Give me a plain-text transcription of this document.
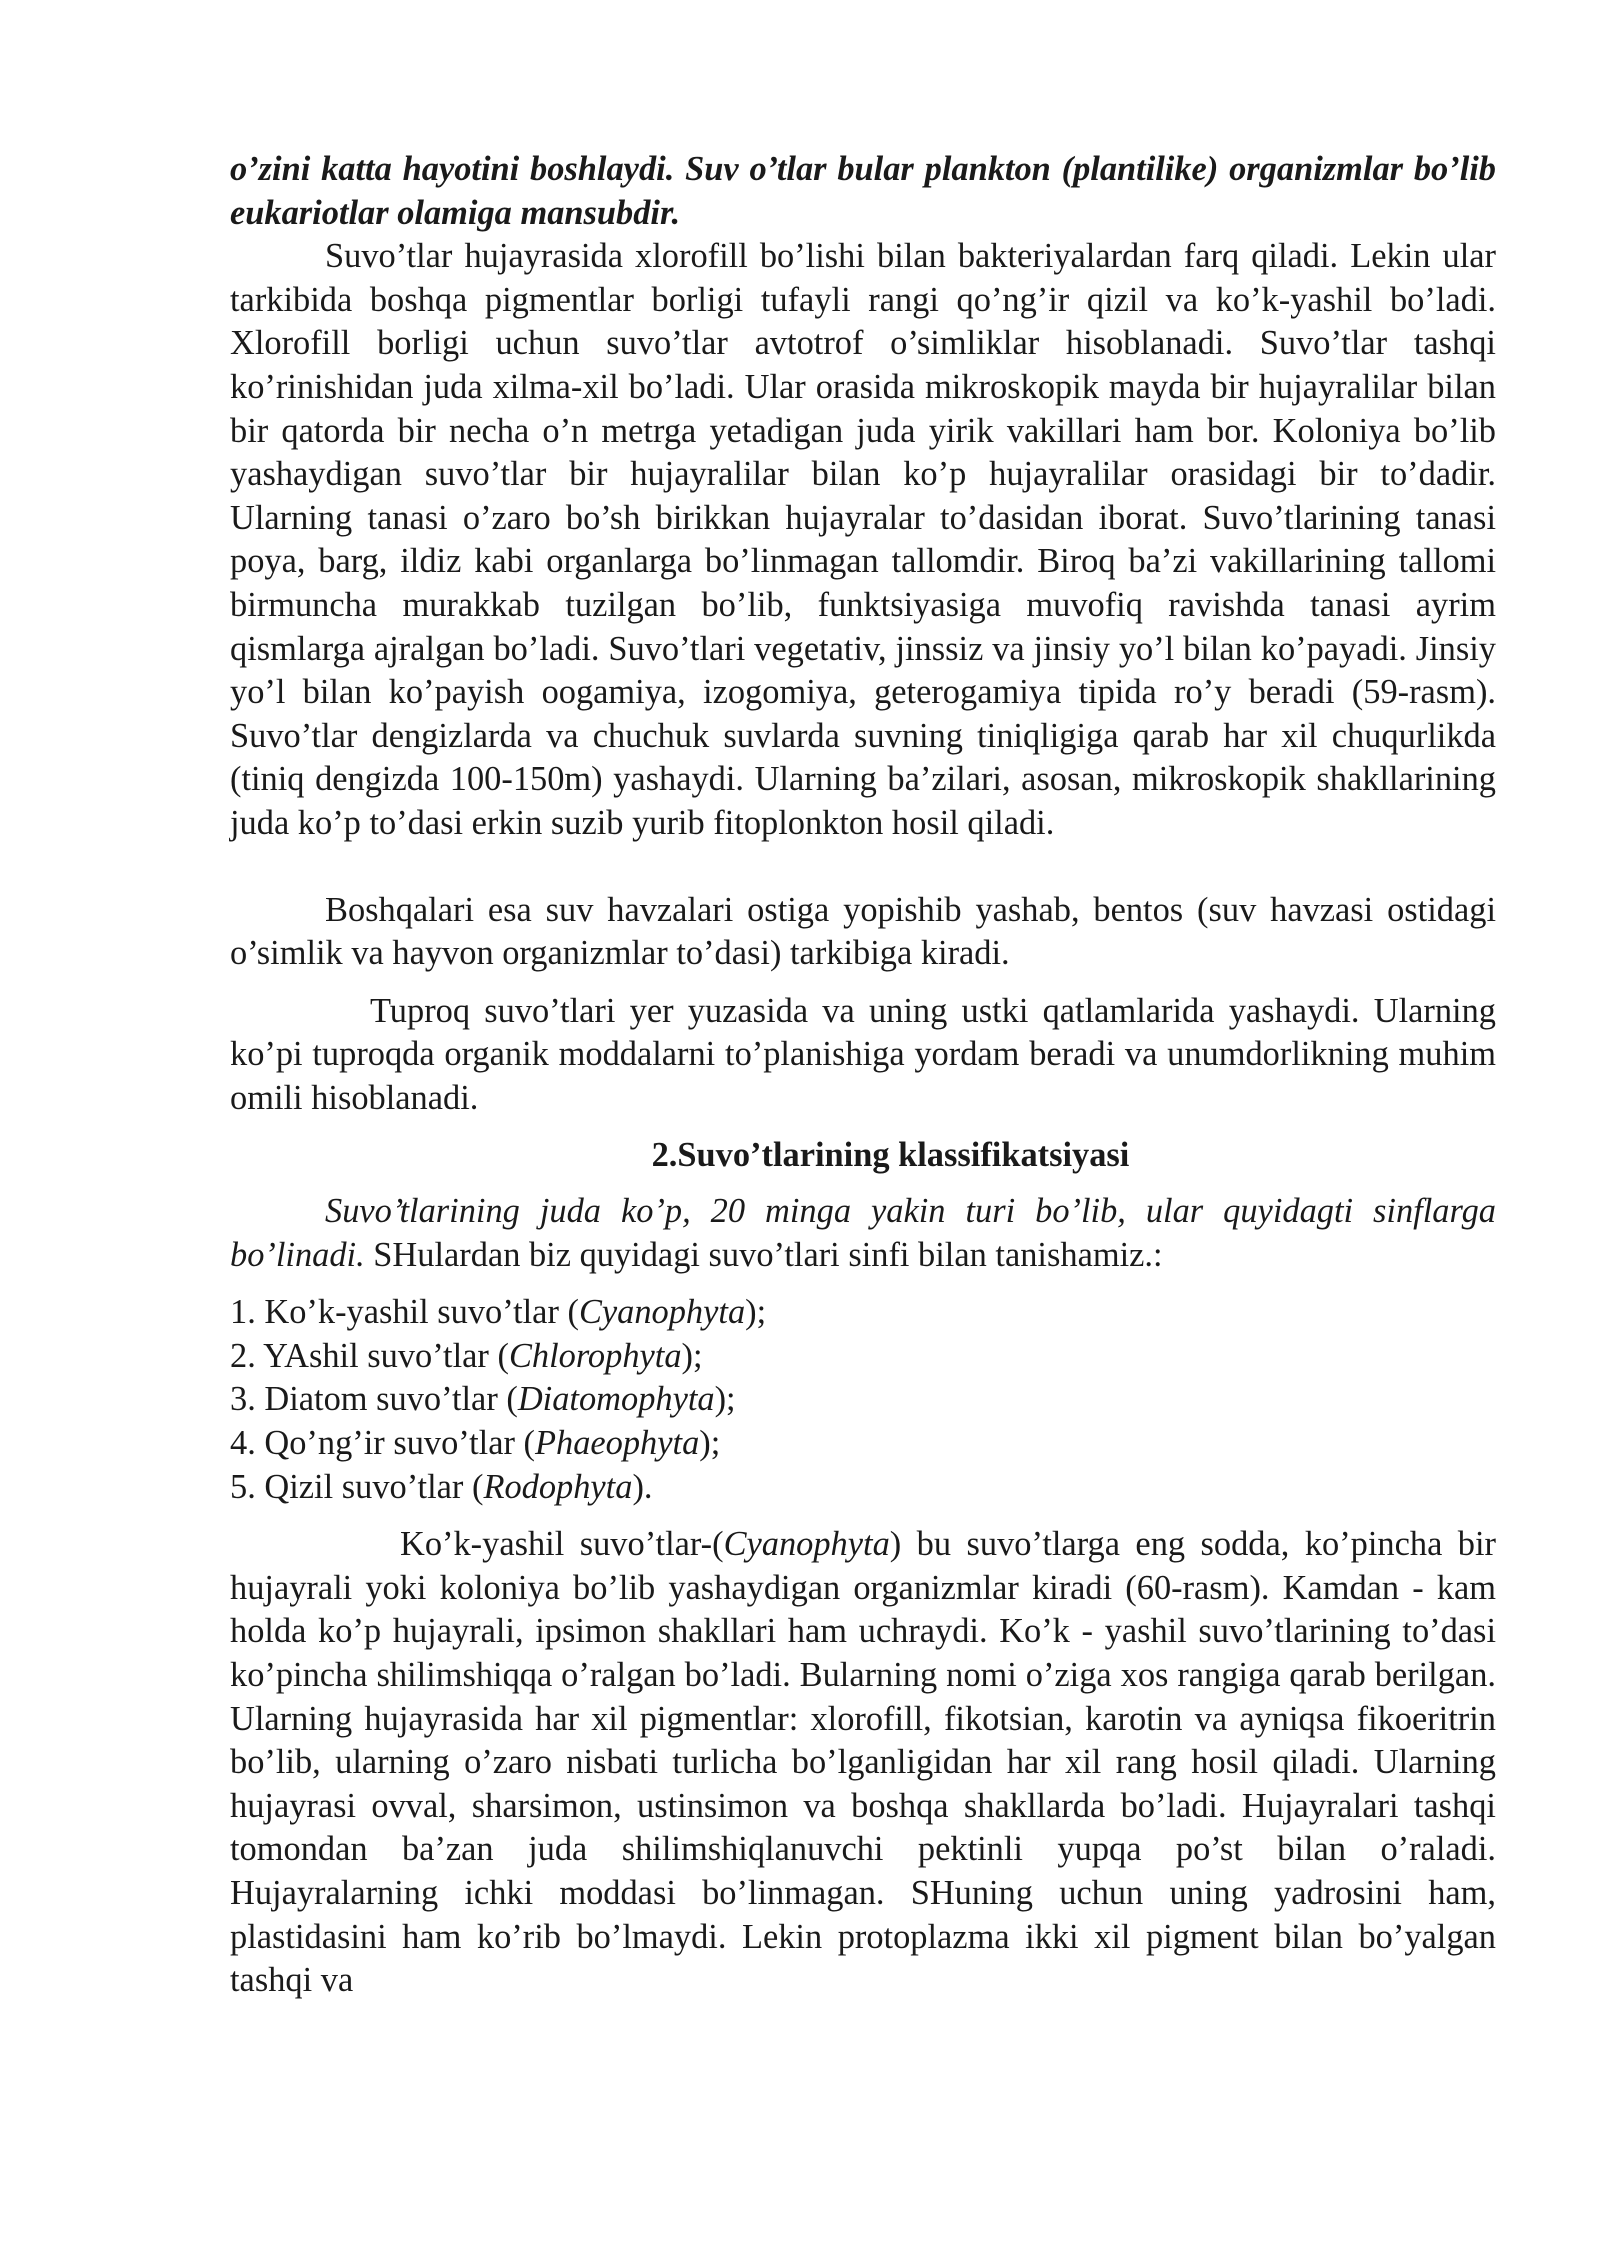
o’zini katta hayotini boshlaydi. Suv o’tlar bular plankton (plantilike) organizmlar bo’lib eukariotlar olamiga mansubdir.

Suvo’tlar hujayrasida xlorofill bo’lishi bilan bakteriyalardan farq qiladi. Lekin ular tarkibida boshqa pigmentlar borligi tufayli rangi qo’ng’ir qizil va ko’k-yashil bo’ladi. Xlorofill borligi uchun suvo’tlar avtotrof o’simliklar hisoblanadi. Suvo’tlar tashqi ko’rinishidan juda xilma-xil bo’ladi. Ular orasida mikroskopik mayda bir hujayralilar bilan bir qatorda bir necha o’n metrga yetadigan juda yirik vakillari ham bor. Koloniya bo’lib yashaydigan suvo’tlar bir hujayralilar bilan ko’p hujayralilar orasidagi bir to’dadir. Ularning tanasi o’zaro bo’sh birikkan hujayralar to’dasidan iborat. Suvo’tlarining tanasi poya, barg, ildiz kabi organlarga bo’linmagan tallomdir. Biroq ba’zi vakillarining tallomi birmuncha murakkab tuzilgan bo’lib, funktsiyasiga muvofiq ravishda tanasi ayrim qismlarga ajralgan bo’ladi. Suvo’tlari vegetativ, jinssiz va jinsiy yo’l bilan ko’payadi. Jinsiy yo’l bilan ko’payish oogamiya, izogomiya, geterogamiya tipida ro’y beradi (59-rasm). Suvo’tlar dengizlarda va chuchuk suvlarda suvning tiniqligiga qarab har xil chuqurlikda (tiniq dengizda 100-150m) yashaydi. Ularning ba’zilari, asosan, mikroskopik shakllarining juda ko’p to’dasi erkin suzib yurib fitoplonkton hosil qiladi.

Boshqalari esa suv havzalari ostiga yopishib yashab, bentos (suv havzasi ostidagi o’simlik va hayvon organizmlar to’dasi) tarkibiga kiradi.

Tuproq suvo’tlari yer yuzasida va uning ustki qatlamlarida yashaydi. Ularning ko’pi tuproqda organik moddalarni to’planishiga yordam beradi va unumdorlikning muhim omili hisoblanadi.

2.Suvo’tlarining klassifikatsiyasi

Suvo’tlarining juda ko’p, 20 minga yakin turi bo’lib, ular quyidagti sinflarga bo’linadi. SHulardan biz quyidagi suvo’tlari sinfi bilan tanishamiz.:

1. Ko’k-yashil suvo’tlar (Cyanophyta);
2. YAshil suvo’tlar (Chlorophyta);
3. Diatom suvo’tlar (Diatomophyta);
4. Qo’ng’ir suvo’tlar (Phaeophyta);
5. Qizil suvo’tlar (Rodophyta).

Ko’k-yashil suvo’tlar-(Cyanophyta) bu suvo’tlarga eng sodda, ko’pincha bir hujayrali yoki koloniya bo’lib yashaydigan organizmlar kiradi (60-rasm). Kamdan - kam holda ko’p hujayrali, ipsimon shakllari ham uchraydi. Ko’k - yashil suvo’tlarining to’dasi ko’pincha shilimshiqqa o’ralgan bo’ladi. Bularning nomi o’ziga xos rangiga qarab berilgan. Ularning hujayrasida har xil pigmentlar: xlorofill, fikotsian, karotin va ayniqsa fikoeritrin bo’lib, ularning o’zaro nisbati turlicha bo’lganligidan har xil rang hosil qiladi. Ularning hujayrasi ovval, sharsimon, ustinsimon va boshqa shakllarda bo’ladi. Hujayralari tashqi tomondan ba’zan juda shilimshiqlanuvchi pektinli yupqa po’st bilan o’raladi. Hujayralarning ichki moddasi bo’linmagan. SHuning uchun uning yadrosini ham, plastidasini ham ko’rib bo’lmaydi. Lekin protoplazma ikki xil pigment bilan bo’yalgan tashqi va
